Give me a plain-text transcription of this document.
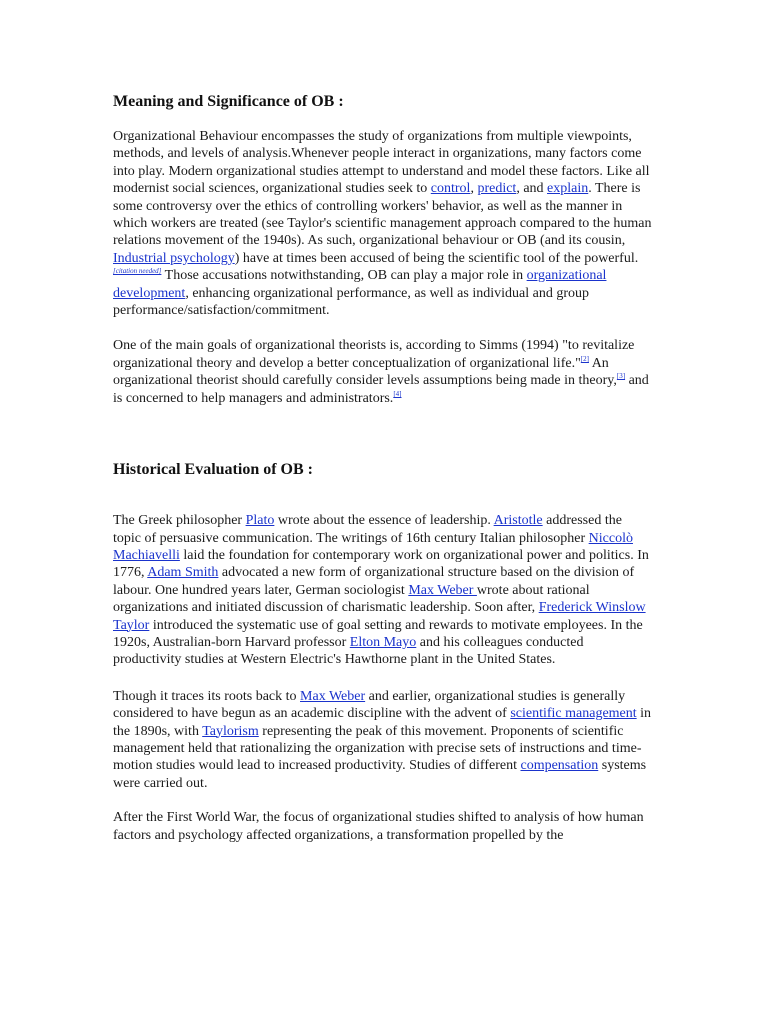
Meaning and Significance of OB :

Organizational Behaviour encompasses the study of organizations from multiple viewpoints, methods, and levels of analysis.Whenever people interact in organizations, many factors come into play. Modern organizational studies attempt to understand and model these factors. Like all modernist social sciences, organizational studies seek to control, predict, and explain. There is some controversy over the ethics of controlling workers' behavior, as well as the manner in which workers are treated (see Taylor's scientific management approach compared to the human relations movement of the 1940s). As such, organizational behaviour or OB (and its cousin, Industrial psychology) have at times been accused of being the scientific tool of the powerful.[citation needed] Those accusations notwithstanding, OB can play a major role in organizational development, enhancing organizational performance, as well as individual and group performance/satisfaction/commitment.

One of the main goals of organizational theorists is, according to Simms (1994) "to revitalize organizational theory and develop a better conceptualization of organizational life."[2] An organizational theorist should carefully consider levels assumptions being made in theory,[3] and is concerned to help managers and administrators.[4]

Historical Evaluation of OB :

The Greek philosopher Plato wrote about the essence of leadership. Aristotle addressed the topic of persuasive communication. The writings of 16th century Italian philosopher Niccolò Machiavelli laid the foundation for contemporary work on organizational power and politics. In 1776, Adam Smith advocated a new form of organizational structure based on the division of labour. One hundred years later, German sociologist Max Weber wrote about rational organizations and initiated discussion of charismatic leadership. Soon after, Frederick Winslow Taylor introduced the systematic use of goal setting and rewards to motivate employees. In the 1920s, Australian-born Harvard professor Elton Mayo and his colleagues conducted productivity studies at Western Electric's Hawthorne plant in the United States.

Though it traces its roots back to Max Weber and earlier, organizational studies is generally considered to have begun as an academic discipline with the advent of scientific management in the 1890s, with Taylorism representing the peak of this movement. Proponents of scientific management held that rationalizing the organization with precise sets of instructions and time-motion studies would lead to increased productivity. Studies of different compensation systems were carried out.

After the First World War, the focus of organizational studies shifted to analysis of how human factors and psychology affected organizations, a transformation propelled by the
